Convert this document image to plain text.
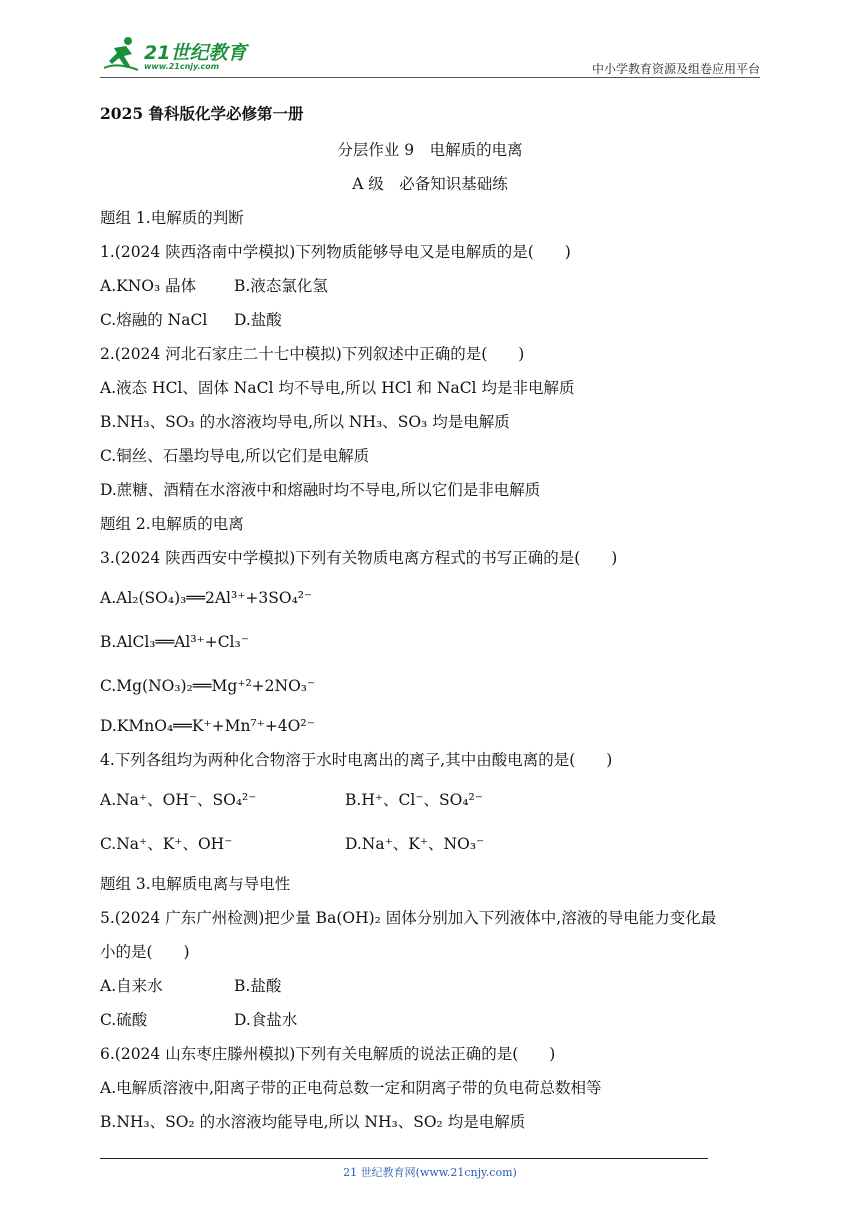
21世纪教育
www.21cnjy.com	中小学教育资源及组卷应用平台
2025 鲁科版化学必修第一册
分层作业 9　电解质的电离
A 级　必备知识基础练
题组 1.电解质的判断
1.(2024 陕西洛南中学模拟)下列物质能够导电又是电解质的是(　　)
A.KNO₃ 晶体 B.液态氯化氢
C.熔融的 NaCl D.盐酸
2.(2024 河北石家庄二十七中模拟)下列叙述中正确的是(　　)
A.液态 HCl、固体 NaCl 均不导电,所以 HCl 和 NaCl 均是非电解质
B.NH₃、SO₃ 的水溶液均导电,所以 NH₃、SO₃ 均是电解质
C.铜丝、石墨均导电,所以它们是电解质
D.蔗糖、酒精在水溶液中和熔融时均不导电,所以它们是非电解质
题组 2.电解质的电离
3.(2024 陕西西安中学模拟)下列有关物质电离方程式的书写正确的是(　　)
A.Al₂(SO₄)₃══2Al³⁺+3SO₄²⁻
B.AlCl₃══Al³⁺+Cl₃⁻
C.Mg(NO₃)₂══Mg⁺²+2NO₃⁻
D.KMnO₄══K⁺+Mn⁷⁺+4O²⁻
4.下列各组均为两种化合物溶于水时电离出的离子,其中由酸电离的是(　　)
A.Na⁺、OH⁻、SO₄²⁻	B.H⁺、Cl⁻、SO₄²⁻
C.Na⁺、K⁺、OH⁻	D.Na⁺、K⁺、NO₃⁻
题组 3.电解质电离与导电性
5.(2024 广东广州检测)把少量 Ba(OH)₂ 固体分别加入下列液体中,溶液的导电能力变化最
小的是(　　)
A.自来水	B.盐酸
C.硫酸	D.食盐水
6.(2024 山东枣庄滕州模拟)下列有关电解质的说法正确的是(　　)
A.电解质溶液中,阳离子带的正电荷总数一定和阴离子带的负电荷总数相等
B.NH₃、SO₂ 的水溶液均能导电,所以 NH₃、SO₂ 均是电解质
21 世纪教育网(www.21cnjy.com)
